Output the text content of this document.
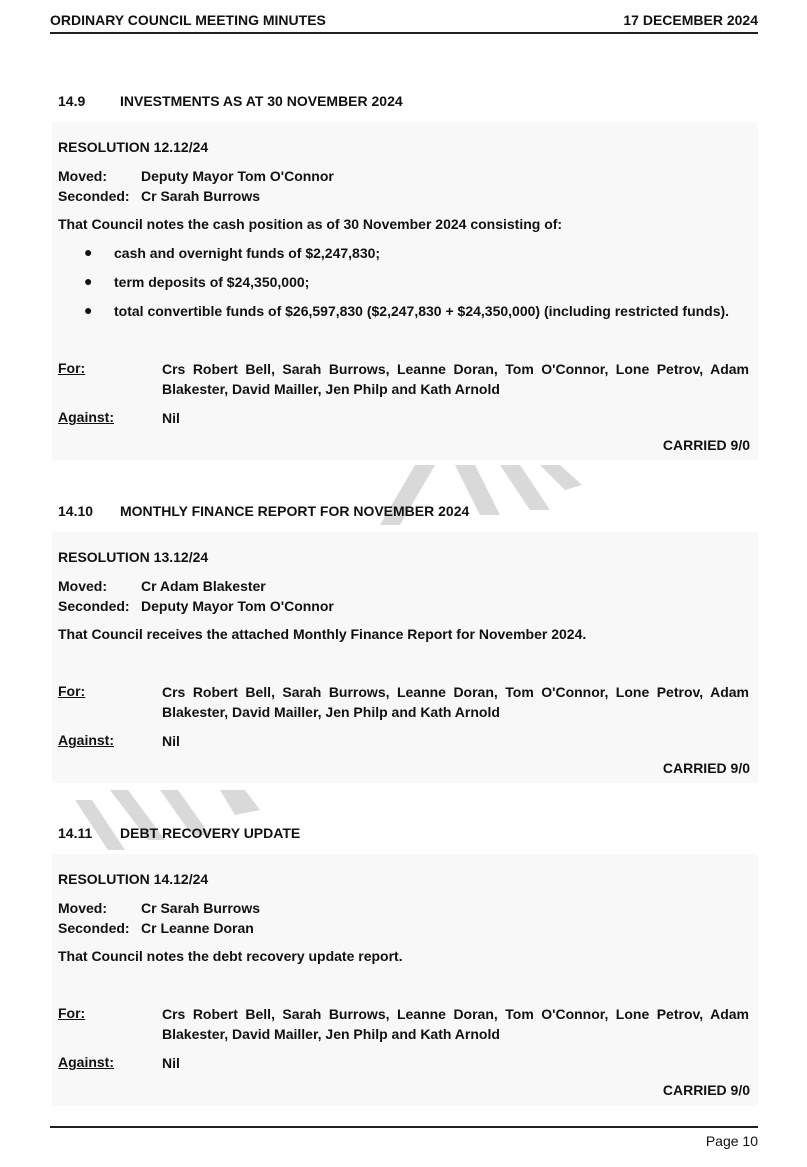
ORDINARY COUNCIL MEETING MINUTES	17 DECEMBER 2024
14.9 INVESTMENTS AS AT 30 NOVEMBER 2024
RESOLUTION 12.12/24
Moved: Deputy Mayor Tom O'Connor
Seconded: Cr Sarah Burrows
That Council notes the cash position as of 30 November 2024 consisting of:
● cash and overnight funds of $2,247,830;
● term deposits of $24,350,000;
● total convertible funds of $26,597,830 ($2,247,830 + $24,350,000) (including restricted funds).
For:	Crs Robert Bell, Sarah Burrows, Leanne Doran, Tom O'Connor, Lone Petrov, Adam Blakester, David Mailler, Jen Philp and Kath Arnold
Against:	Nil
CARRIED 9/0
14.10 MONTHLY FINANCE REPORT FOR NOVEMBER 2024
RESOLUTION 13.12/24
Moved: Cr Adam Blakester
Seconded: Deputy Mayor Tom O'Connor
That Council receives the attached Monthly Finance Report for November 2024.
For:	Crs Robert Bell, Sarah Burrows, Leanne Doran, Tom O'Connor, Lone Petrov, Adam Blakester, David Mailler, Jen Philp and Kath Arnold
Against:	Nil
CARRIED 9/0
14.11 DEBT RECOVERY UPDATE
RESOLUTION 14.12/24
Moved: Cr Sarah Burrows
Seconded: Cr Leanne Doran
That Council notes the debt recovery update report.
For:	Crs Robert Bell, Sarah Burrows, Leanne Doran, Tom O'Connor, Lone Petrov, Adam Blakester, David Mailler, Jen Philp and Kath Arnold
Against:	Nil
CARRIED 9/0
Page 10
